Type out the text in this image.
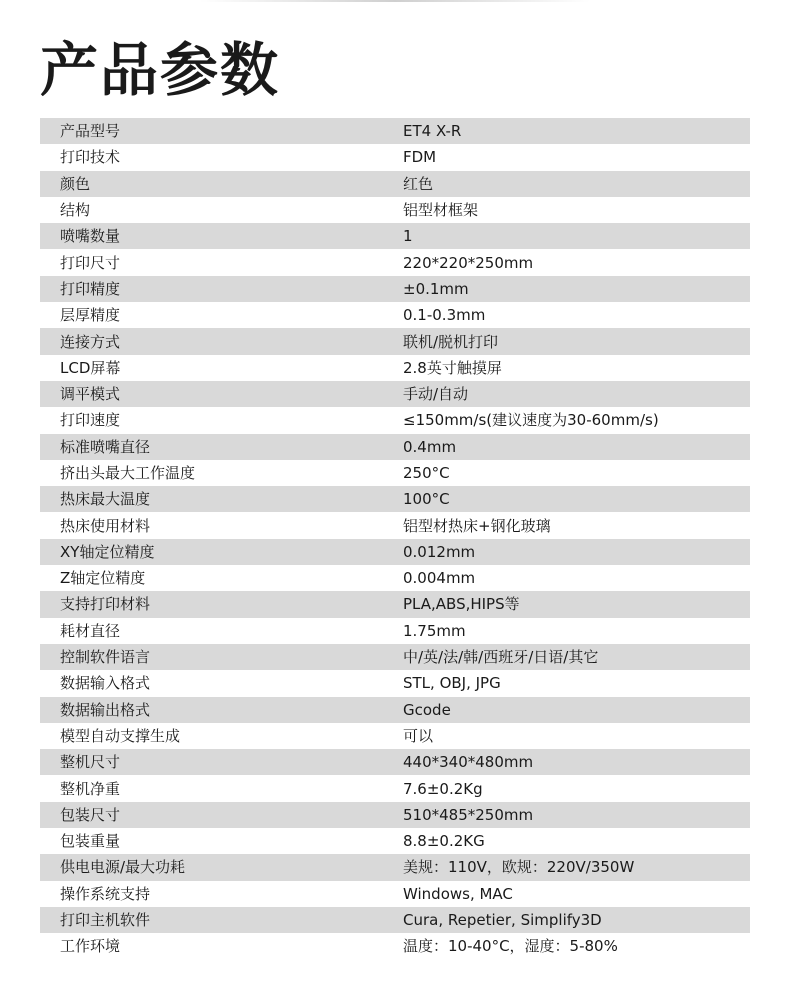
产品参数
产品型号	ET4 X-R
打印技术	FDM
颜色	红色
结构	铝型材框架
喷嘴数量	1
打印尺寸	220*220*250mm
打印精度	±0.1mm
层厚精度	0.1-0.3mm
连接方式	联机/脱机打印
LCD屏幕	2.8英寸触摸屏
调平模式	手动/自动
打印速度	≤150mm/s(建议速度为30-60mm/s)
标准喷嘴直径	0.4mm
挤出头最大工作温度	250°C
热床最大温度	100°C
热床使用材料	铝型材热床+钢化玻璃
XY轴定位精度	0.012mm
Z轴定位精度	0.004mm
支持打印材料	PLA,ABS,HIPS等
耗材直径	1.75mm
控制软件语言	中/英/法/韩/西班牙/日语/其它
数据输入格式	STL, OBJ, JPG
数据输出格式	Gcode
模型自动支撑生成	可以
整机尺寸	440*340*480mm
整机净重	7.6±0.2Kg
包装尺寸	510*485*250mm
包装重量	8.8±0.2KG
供电电源/最大功耗	美规：110V，欧规：220V/350W
操作系统支持	Windows, MAC
打印主机软件	Cura, Repetier, Simplify3D
工作环境	温度：10-40°C，湿度：5-80%
